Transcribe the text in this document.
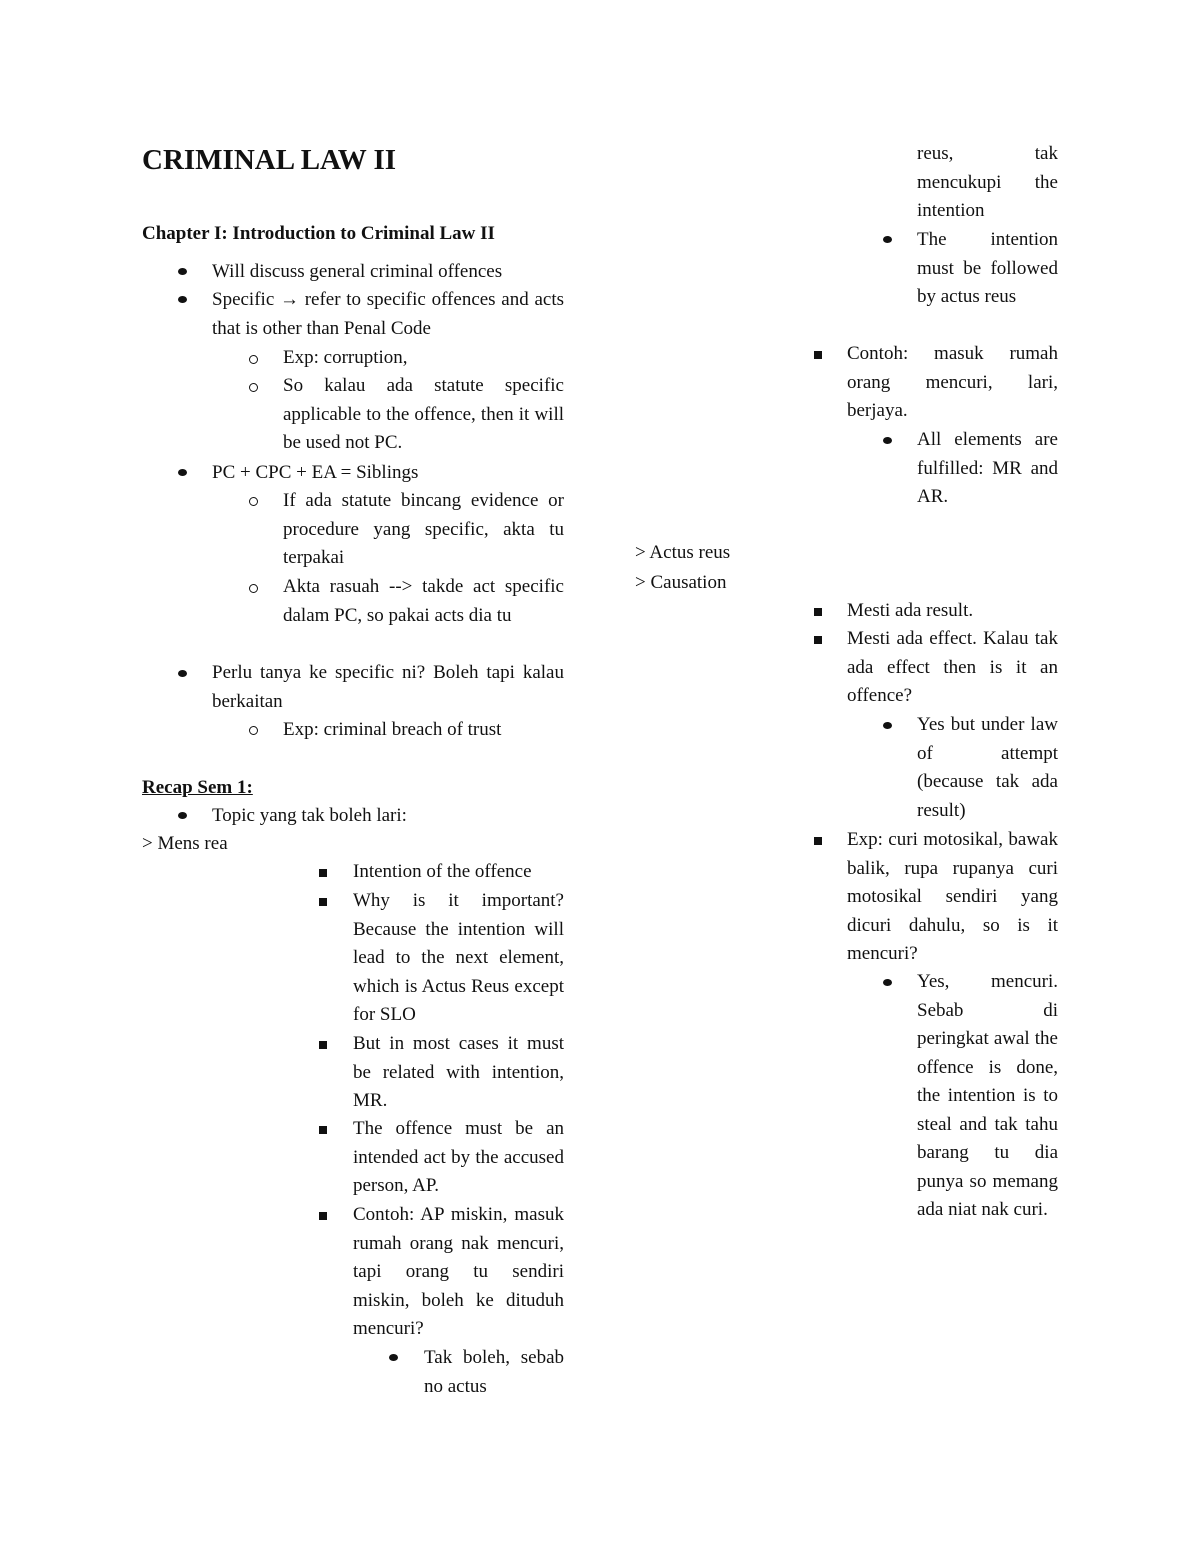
CRIMINAL LAW II
Chapter I: Introduction to Criminal Law II

Will discuss general criminal offences

Specific → refer to specific offences and acts that is other than Penal Code

Exp: corruption,

So kalau ada statute specific applicable to the offence, then it will be used not PC.

PC + CPC + EA = Siblings

If ada statute bincang evidence or procedure yang specific, akta tu terpakai

Akta rasuah --> takde act specific dalam PC, so pakai acts dia tu

Perlu tanya ke specific ni? Boleh tapi kalau berkaitan

Exp: criminal breach of trust

Recap Sem 1:

Topic yang tak boleh lari:

> Mens rea

Intention of the offence

Why is it important? Because the intention will lead to the next element, which is Actus Reus except for SLO

But in most cases it must be related with intention, MR.

The offence must be an intended act by the accused person, AP.

Contoh: AP miskin, masuk rumah orang nak mencuri, tapi orang tu sendiri miskin, boleh ke dituduh mencuri?

Tak boleh, sebab no actus

> Actus reus

> Causation

reus, tak mencukupi the intention

The intention must be followed by actus reus

Contoh: masuk rumah orang mencuri, lari, berjaya.

All elements are fulfilled: MR and AR.

Mesti ada result.

Mesti ada effect. Kalau tak ada effect then is it an offence?

Yes but under law of attempt (because tak ada result)

Exp: curi motosikal, bawak balik, rupa rupanya curi motosikal sendiri yang dicuri dahulu, so is it mencuri?

Yes, mencuri. Sebab di peringkat awal the offence is done, the intention is to steal and tak tahu barang tu dia punya so memang ada niat nak curi.
